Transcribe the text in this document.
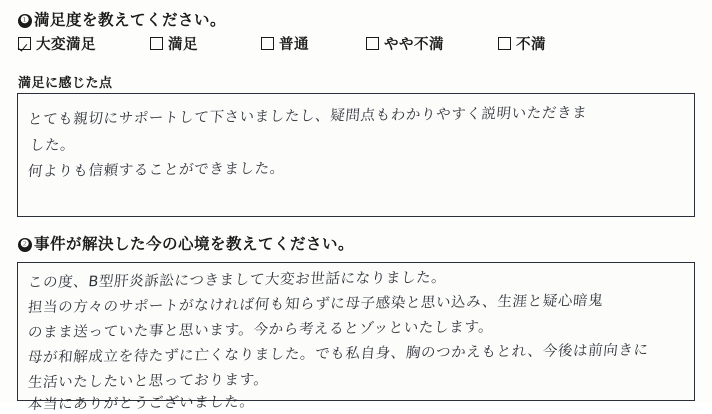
❶ 満足度を教えてください。
大変満足	満足	普通	やや不満	不満
満足に感じた点
とても親切にサポートして下さいましたし、疑問点もわかりやすく説明いただきま
した。
何よりも信頼することができました。
❷ 事件が解決した今の心境を教えてください。
この度、B型肝炎訴訟につきまして大変お世話になりました。
担当の方々のサポートがなければ何も知らずに母子感染と思い込み、生涯と疑心暗鬼
のまま送っていた事と思います。今から考えるとゾッといたします。
母が和解成立を待たずに亡くなりました。でも私自身、胸のつかえもとれ、今後は前向きに
生活いたしたいと思っております。
本当にありがとうございました。
